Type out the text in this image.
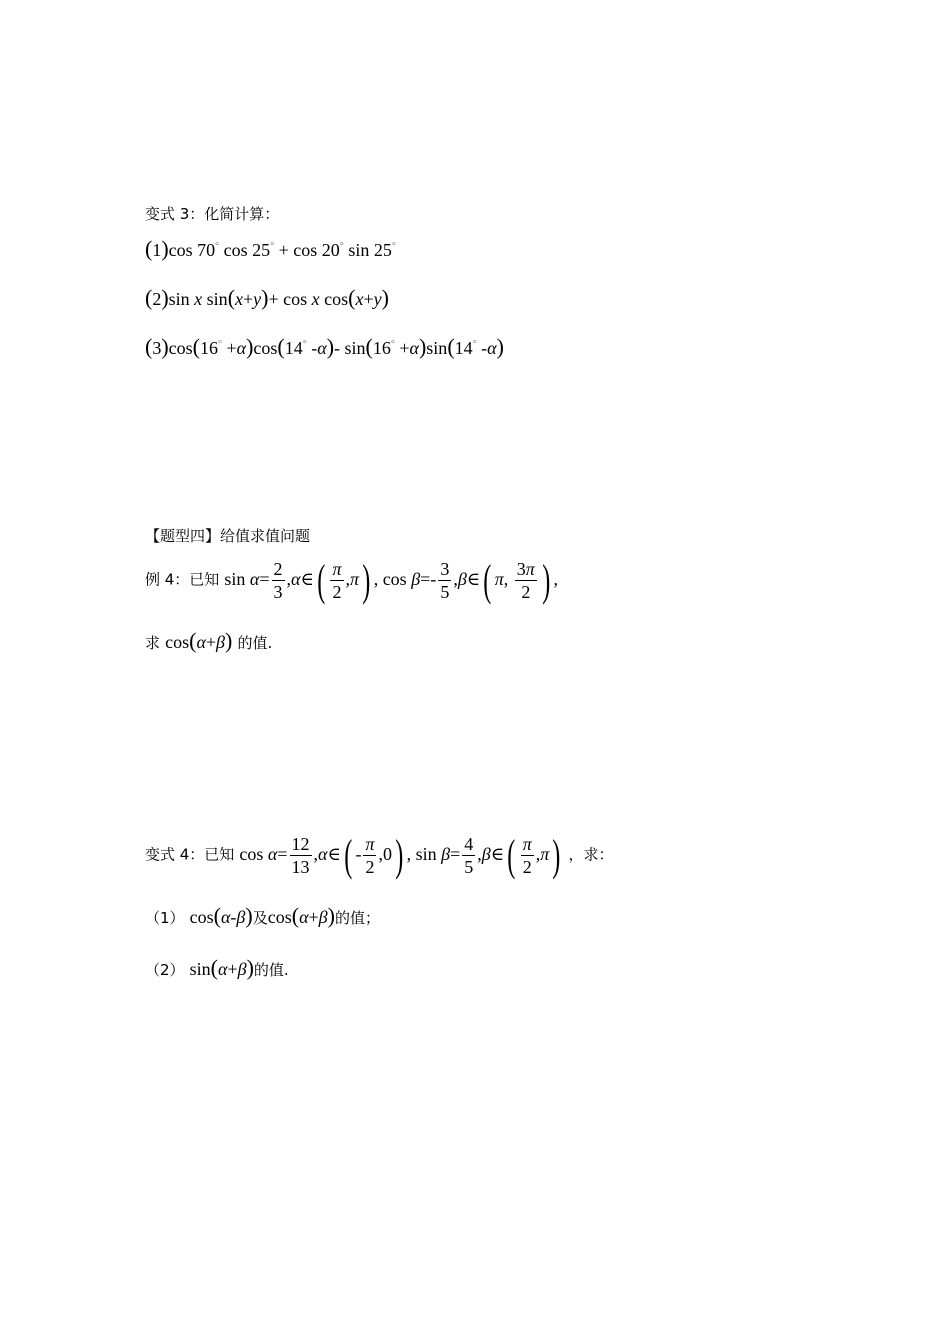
变式 3：化简计算：
(1)cos 70° cos 25° + cos 20° sin 25°
(2)sin x sin(x+y)+ cos x cos(x+y)
(3)cos(16° +α)cos(14° -α)- sin(16° +α)sin(14° -α)
【题型四】给值求值问题
例 4：已知 $\sin \alpha= \frac{2}{3}$ ,α∈( $\frac{\pi}{2} ,\pi$) , $\cos \beta=- \frac{3}{5}$ ,β∈( π, $\frac{3\pi}{2}$ ) ,
求 cos(α+β) 的值.
变式 4：已知 $\cos \alpha= \frac{12}{13}$ ,α∈( - $\frac{\pi}{2} ,0$) , $\sin \beta= \frac{4}{5}$ ,β∈( $\frac{\pi}{2} ,\pi$) ，求：
（1） cos(α-β)及cos(α+β)的值；
（2） sin(α+β)的值.
